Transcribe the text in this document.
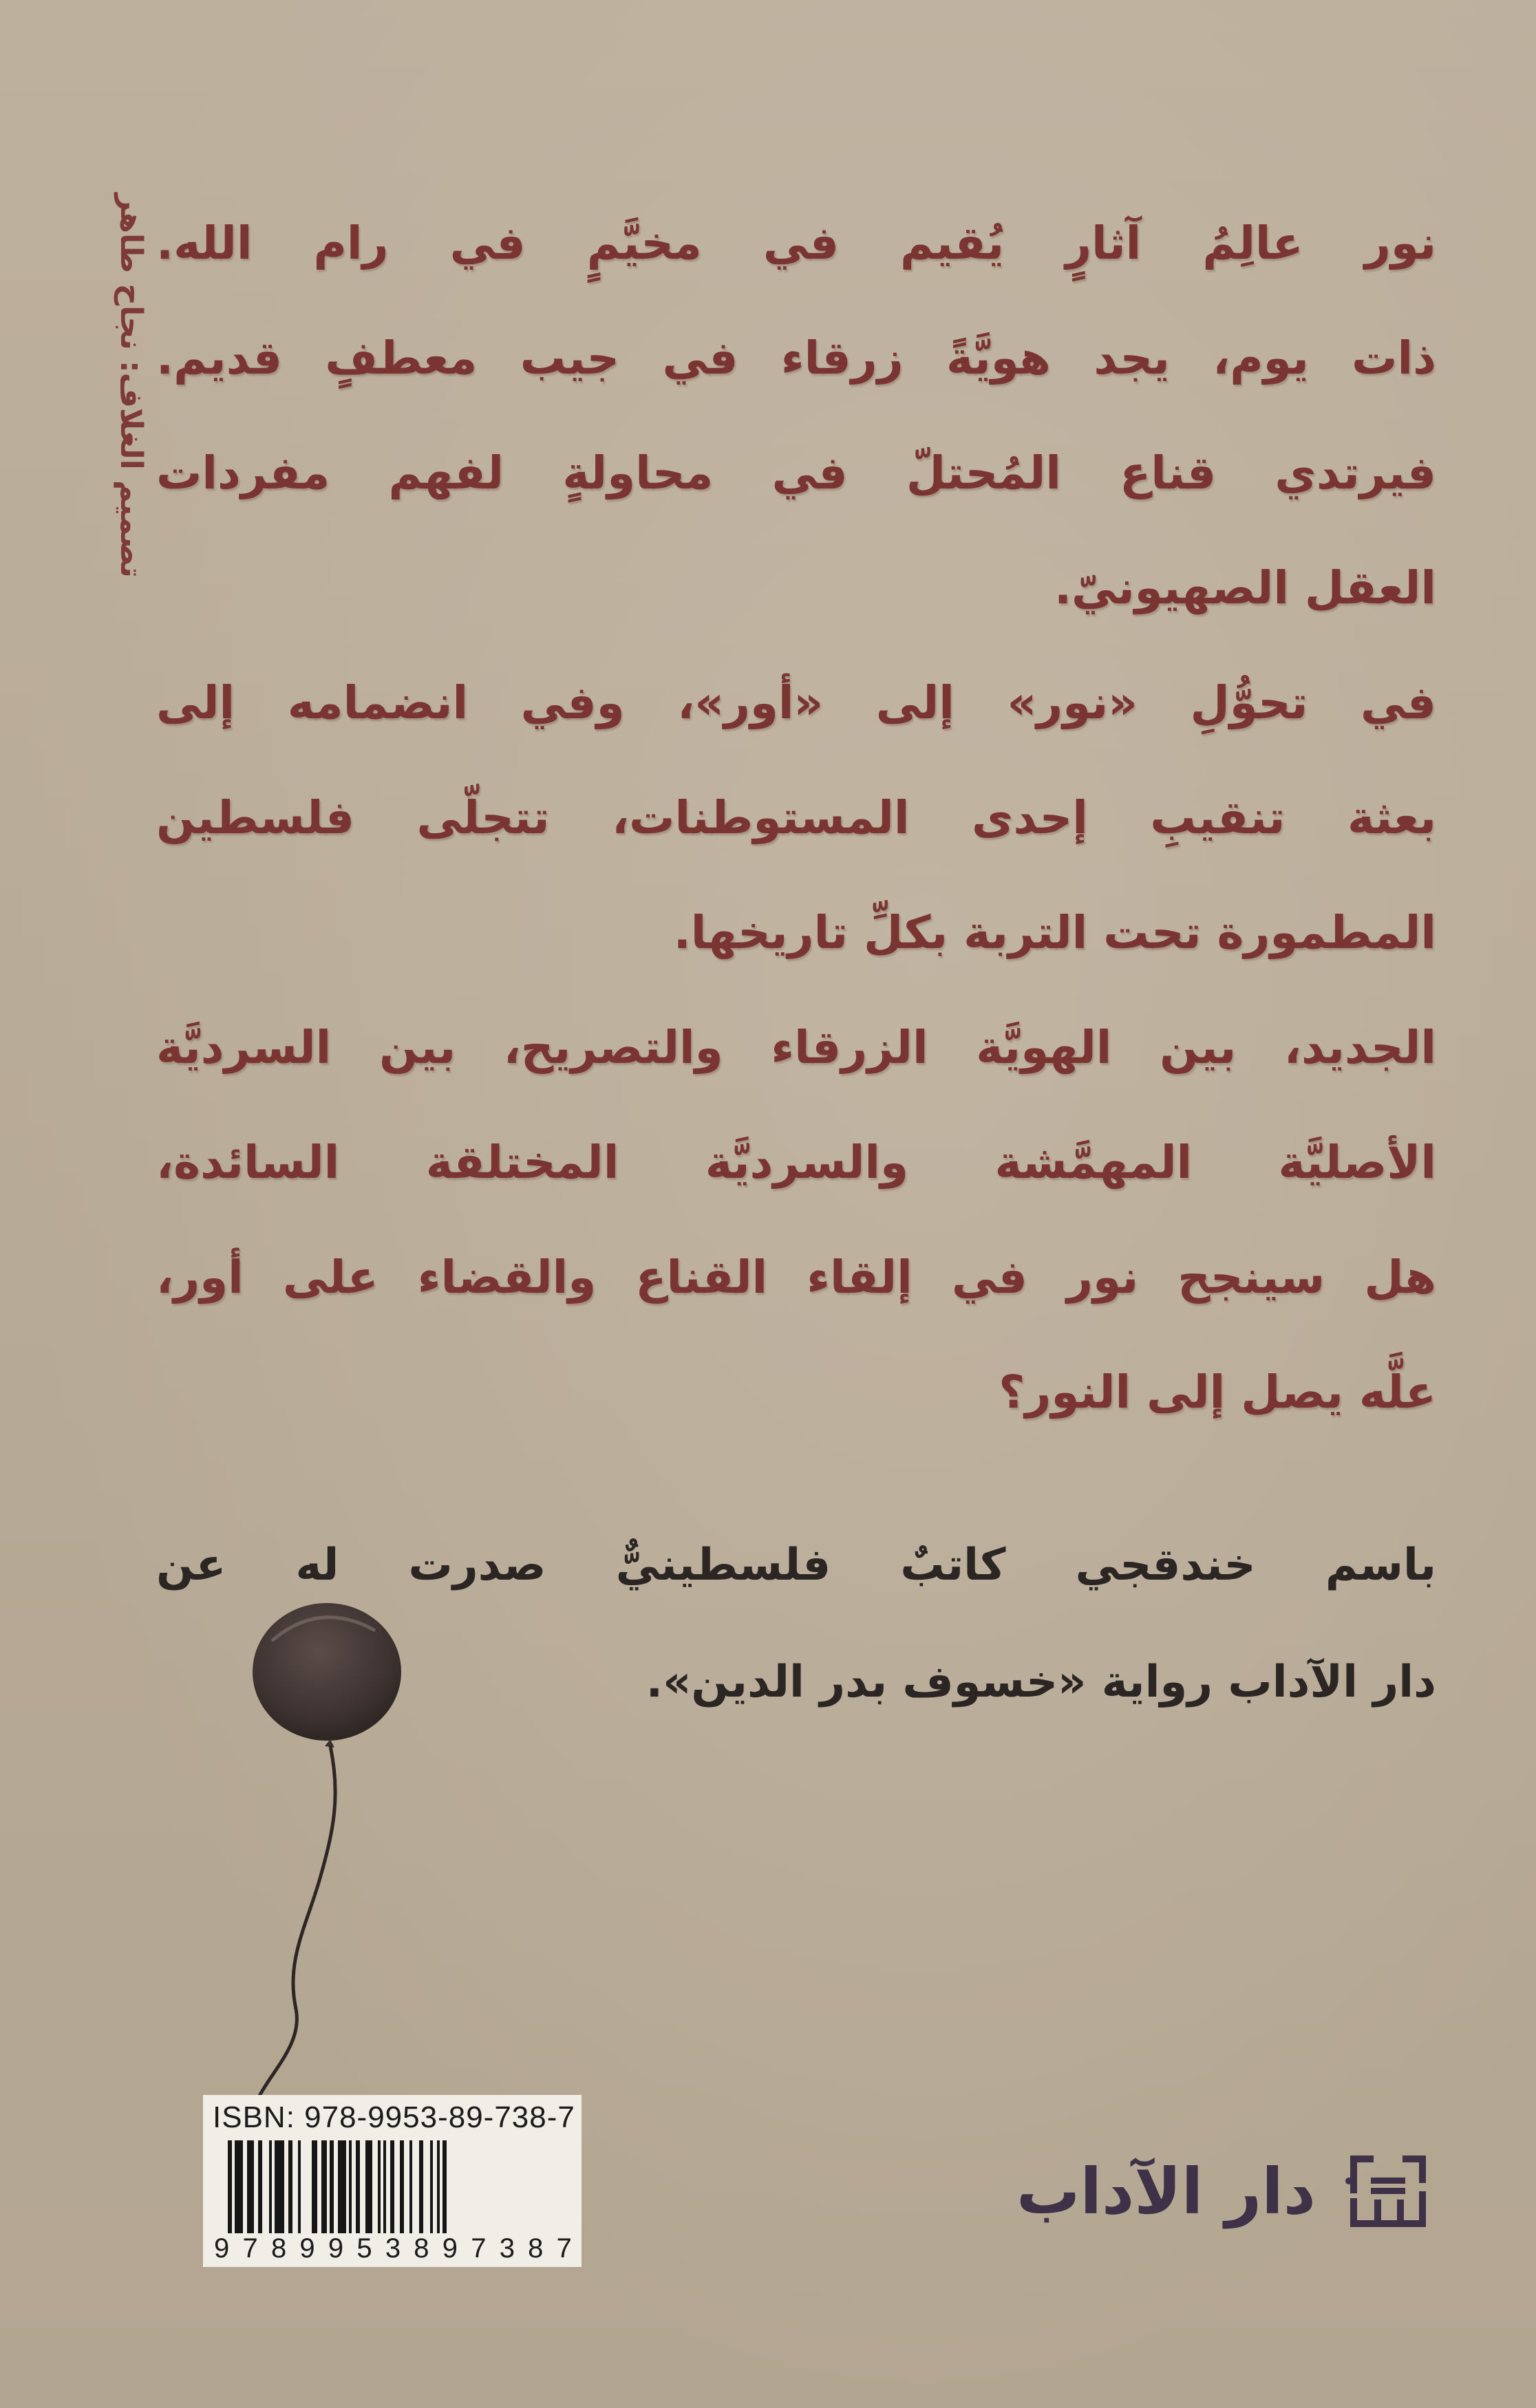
تصميم الغلاف: نجاح طاهر نور عالِمُ آثارٍ يُقيم في مخيَّمٍ في رام الله.
ذات يوم، يجد هويَّةً زرقاء في جيب معطفٍ قديم.
فيرتدي قناع المُحتلّ في محاولةٍ لفهم مفردات
العقل الصهيونيّ.
في تحوُّلِ «نور» إلى «أور»، وفي انضمامه إلى
بعثة تنقيبِ إحدى المستوطنات، تتجلّى فلسطين
المطمورة تحت التربة بكلِّ تاريخها.
الجديد، بين الهويَّة الزرقاء والتصريح، بين السرديَّة
الأصليَّة المهمَّشة والسرديَّة المختلقة السائدة،
هل سينجح نور في إلقاء القناع والقضاء على أور،
علَّه يصل إلى النور؟
باسم خندقجي كاتبٌ فلسطينيٌّ صدرت له عن
دار الآداب رواية «خسوف بدر الدين».
ISBN: 978-9953-89-738-7
9 7 8 9 9 5 3 8 9 7 3 8 7
دار الآداب
